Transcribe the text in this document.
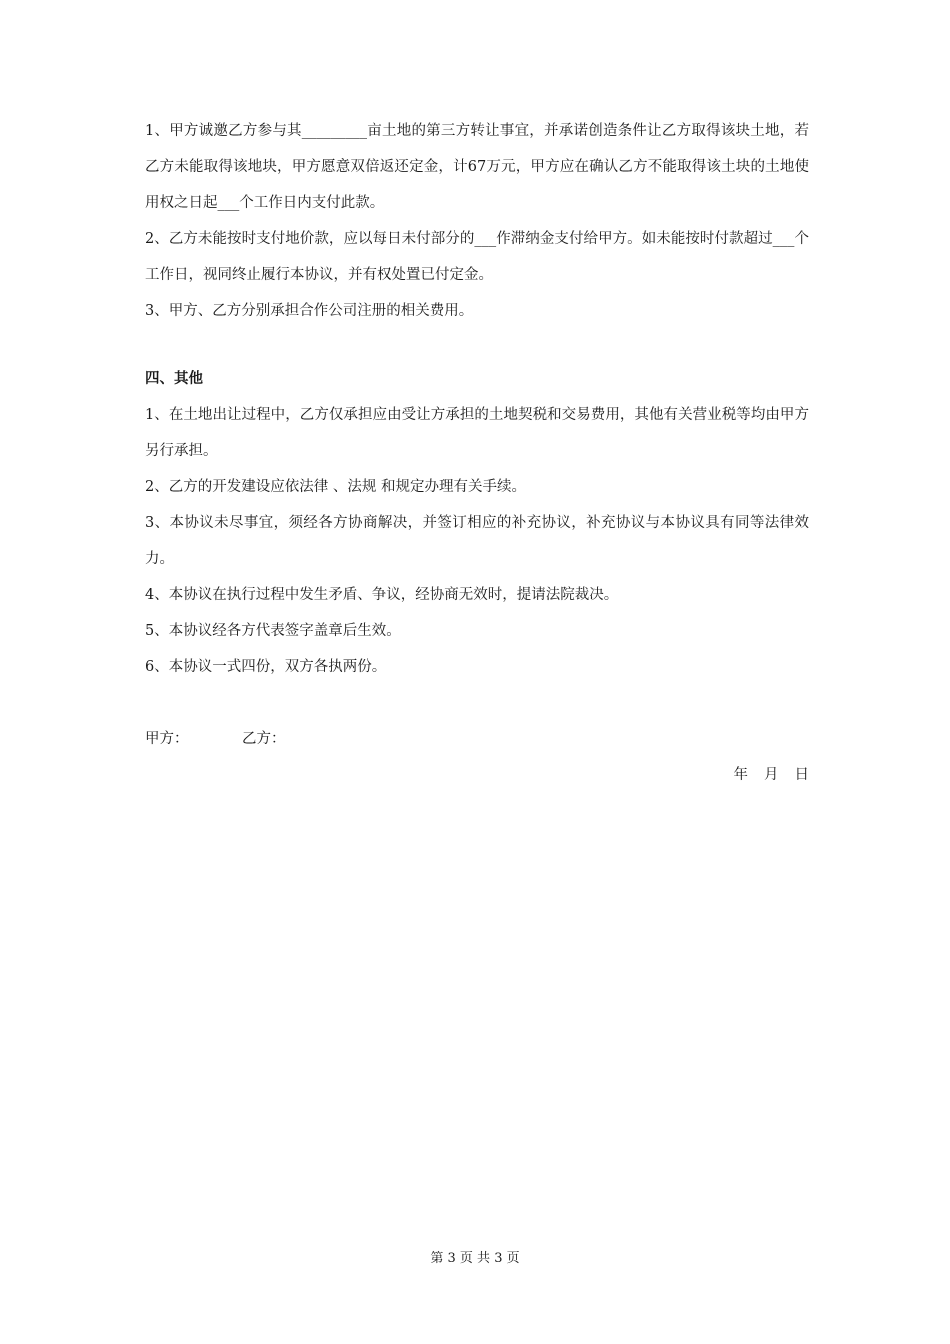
1、甲方诚邀乙方参与其_________亩土地的第三方转让事宜，并承诺创造条件让乙方取得该块土地，若乙方未能取得该地块，甲方愿意双倍返还定金，计67万元，甲方应在确认乙方不能取得该土块的土地使用权之日起___个工作日内支付此款。

2、乙方未能按时支付地价款，应以每日未付部分的___作滞纳金支付给甲方。如未能按时付款超过___个工作日，视同终止履行本协议，并有权处置已付定金。

3、甲方、乙方分别承担合作公司注册的相关费用。

四、其他

1、在土地出让过程中，乙方仅承担应由受让方承担的土地契税和交易费用，其他有关营业税等均由甲方另行承担。

2、乙方的开发建设应依法律 、法规 和规定办理有关手续。

3、本协议未尽事宜，须经各方协商解决，并签订相应的补充协议，补充协议与本协议具有同等法律效力。

4、本协议在执行过程中发生矛盾、争议，经协商无效时，提请法院裁决。

5、本协议经各方代表签字盖章后生效。

6、本协议一式四份，双方各执两份。

甲方：	乙方：
年 月 日
第 3 页 共 3 页
